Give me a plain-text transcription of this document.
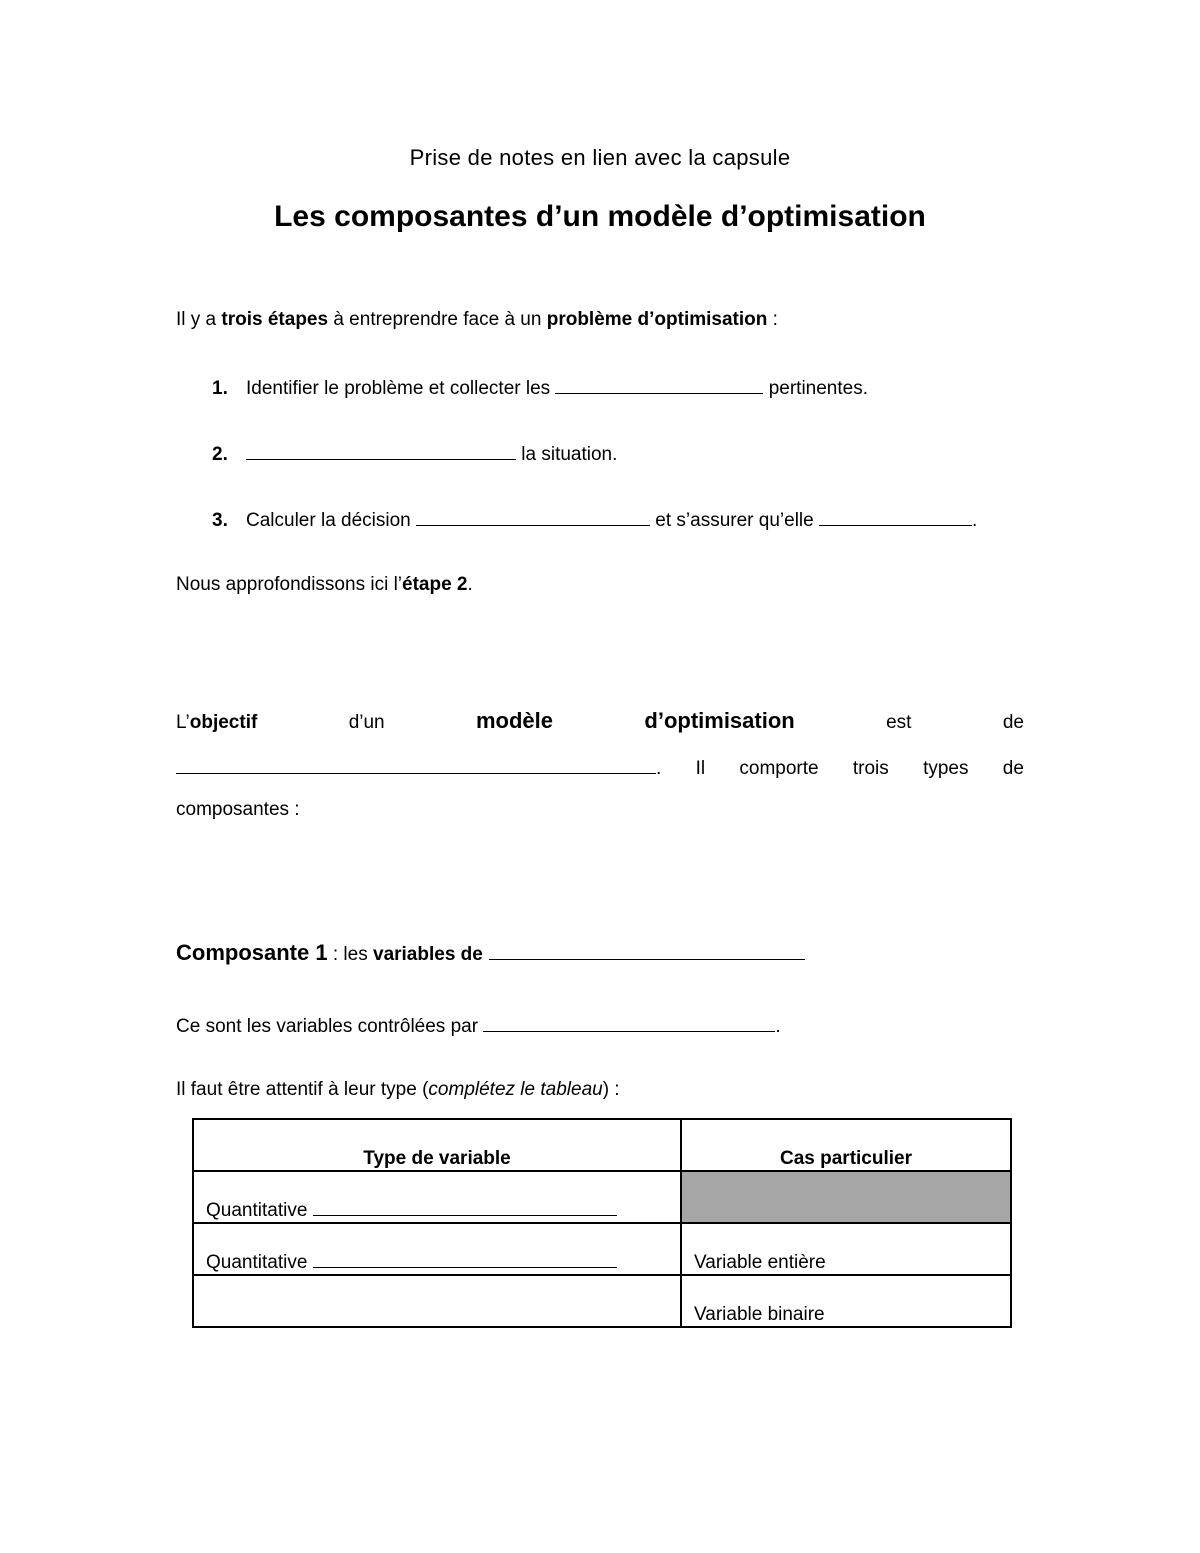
Prise de notes en lien avec la capsule
Les composantes d’un modèle d’optimisation
Il y a trois étapes à entreprendre face à un problème d’optimisation :
1. Identifier le problème et collecter les	pertinentes.
2.	la situation.
3. Calculer la décision	et s’assurer qu’elle	.
Nous approfondissons ici l’étape 2.
L’objectif	d’un	modèle	d’optimisation	est	de
. Il comporte trois types de
composantes :
Composante 1 : les variables de
Ce sont les variables contrôlées par	.
Il faut être attentif à leur type (complétez le tableau) :
Type de variable	Cas particulier
Quantitative	
Quantitative	Variable entière
	Variable binaire
